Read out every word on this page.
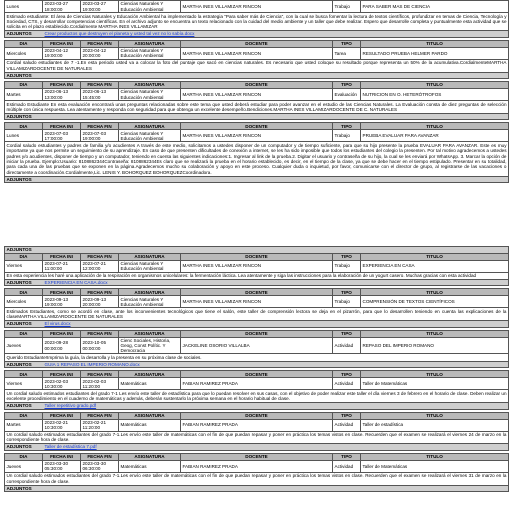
Lunes	2023-03-27 18:00:00	2023-03-27 19:00:00	Ciencias Naturales Y Educación Ambiental	MARTHA INES VILLAMIZAR RINCON	Trabajo	PARA SABER MAS DE CIENCIA
Estimado estudiante: El área de Ciencias Naturales y Educación Ambiental ha implementado la estrategia "Para saber más de Ciencia", con la cual se busca fomentar la lectura de textos científicos, profundizar en temas de Ciencia, Tecnología y Sociedad, CTS, y desarrollar competencias científicas. En el archivo adjunto se encuentra un texto relacionado con la cuidad del medio ambiente y un taller que debe realizar. Espero que desarrolle completa y puntualmente esta actividad que se solicita en el plazo establecido.Cordialmente MARTHA INES VILLAMIZAR
ADJUNTOS	Crear productos que destruyen el planeta y usted tal vez no lo sabía.docx
DIA	FECHA INI	FECHA FIN	ASIGNATURA	DOCENTE	TIPO	TITULO
Miercoles	2023-04-12 19:00:00	2023-04-12 20:00:00	Ciencias Naturales Y Educación Ambiental	MARTHA INES VILLAMIZAR RINCON	Tarea	RESULTADO PRUEBA HELMER PARDO
Cordial saludo estudiantes de 7 -1.En esta periodo usted va a colocar la foto del puntaje que sacó en ciencias naturales. Es necesario que usted coloque su resultado porque representa un 50% de la acumulativa.CordialmenteMARTHA VILLAMIZARDOCENTE DE NATURALES						
ADJUNTOS						
DIA	FECHA INI	FECHA FIN	ASIGNATURA	DOCENTE	TIPO	TITULO
Martes	2023-06-13 13:00:00	2023-06-13 15:45:00	Ciencias Naturales Y Educación Ambiental	MARTHA INES VILLAMIZAR RINCON	Evaluación	NUTRICION EN O. HETERÓTROFOS
Estimado Estudiante En esta evaluación encontrará unas preguntas relacionadas sobre este tema que usted deberá estudiar para poder avanzar en el estudio de las Ciencias Naturales. La Evaluación consta de diez preguntas de selección múltiple con única respuesta. Lea atentamente y responda con seguridad para que obtenga un excelente desempeño.Bendiciones.MARTHA INES VILLAMIZARDOCENTE DE C. NATURALES						
ADJUNTOS						
DIA	FECHA INI	FECHA FIN	ASIGNATURA	DOCENTE	TIPO	TITULO
Lunes	2023-07-03 17:00:00	2023-07-03 19:00:00	Ciencias Naturales Y Educación Ambiental	MARTHA INES VILLAMIZAR RINCON	Trabajo	PRUEBA EVALUAR PARA AVANZAR
Cordial saludo estudiantes y padres de familia y/o acudientes A través de este medio, solicitamos a ustedes disponer de un computador y de tiempo suficiente, para que su hijo presente la prueba EVALUAR PARA AVANZAR. Este es muy importante ya que nos permite un seguimiento de su aprendizaje. En caso de que presenten dificultades de conexión a internet, se les ha sido imposible que todos los estudiantes del colegio la presenten. Por tal motivo agradecemos a ustedes padres y/o acudientes, disponer de tiempo y un computador, teniendo en cuenta las siguientes indicaciones:1. Ingresar al link de la prueba.2. Digitar el usuario y contraseña de su hijo, la cual se les enviará por WhatsApp. 3. Marcar la opción de iniciar la prueba. Ejemplo:Usuario: 8108862344Contraseña: 8108862344Es claro que se realizará la prueba en el horario establecido, es decir, en el tiempo de la clase, ya que se debe hacer en el tiempo estipulado. Presentar en su totalidad, para cada una de las pruebas que se exponen en la página.Agradecemos mucho su colaboración y apoyo en este proceso. Cualquier duda o inquietud, por favor, comunicarse con el director de grupo, al registrarse de las vacaciones o directamente a coordinación.Cordialmente,Lic. LENIS Y. BOHORQUEZ BOHORQUEZCoordinadora.						
ADJUNTOS						
ADJUNTOS						
DIA	FECHA INI	FECHA FIN	ASIGNATURA	DOCENTE	TIPO	TITULO
Viernes	2023-07-21 11:00:00	2023-07-21 12:00:00	Ciencias Naturales Y Educación Ambiental	MARTHA INES VILLAMIZAR RINCON	Trabajo	EXPERIENCIA EN CASA
En esta experiencia les haré una aplicación de la respiración en organismos unicelulares: la fermentación láctica. Lea atentamente y siga las instrucciones para la elaboración de un yogurt casero. Muchas gracias con esta actividad						
ADJUNTOS EXPERIENCIA EN CASA.docx						
DIA	FECHA INI	FECHA FIN	ASIGNATURA	DOCENTE	TIPO	TITULO
Miercoles	2023-09-13 19:00:00	2023-09-13 20:00:00	Ciencias Naturales Y Educación Ambiental	MARTHA INES VILLAMIZAR RINCON	Trabajo	COMPRENSIÓN DE TEXTOS CIENTÍFICOS
Estimados Estudiantes, como se acordó en clase, ante los inconvenientes tecnológicos que tiene el salón, este taller de comprensión lectora se deja en el pizarrón, para que lo desarrollen teniendo en cuenta las explicaciones de la claseMARTHA VILLAMIZARDOCENTE DE NATURALES						
ADJUNTOS El virus.docx						
DIA	FECHA INI	FECHA FIN	ASIGNATURA	DOCENTE	TIPO	TITULO
Jueves	2023-09-28 00:00:00	2023-10-05 00:00:00	Cienc Sociales, Historia, Geog, Const Polític. Y Democracia	JACKELINE OSORIO VILLALBA	Actividad	REPASO DEL IMPERIO ROMANO
Querido Estudiante!Imprima la guía, la desarrolla y la presenta en su próxima clase de sociales.						
ADJUNTOS GUIA 1 REPASO EL IMPERIO ROMANO.docx						
DIA	FECHA INI	FECHA FIN	ASIGNATURA	DOCENTE	TIPO	TITULO
Viernes	2023-02-03 10:30:00	2023-02-03 11:20:00	Matemáticas	FABIAN RAMIREZ PRADA	Actividad	Taller de Matemáticas
Un cordial saludo estimados estudiantes del grado 7-1 Les envío este taller de estadística para que lo puedan resolver en sus casas, con el objetivo de poder realizar este taller el día viernes 3 de febrero en el horario de clase. Deben realizar un excelente procedimiento en el cuaderno de matemáticas y además, deberán sustentarlo la próxima semana en el horario habitual de clase.						
ADJUNTOS Taller repetitivo grado.pdf						
DIA	FECHA INI	FECHA FIN	ASIGNATURA	DOCENTE	TIPO	TITULO
Martes	2023-02-21 10:30:00	2023-02-21 11:20:00	Matemáticas	FABIAN RAMIREZ PRADA	Actividad	Taller de estadística
Un cordial saludo estimados estudiantes del grado 7-1.Les envío este taller de matemáticas con el fin de que puedan repasar y poner en práctica los temas vistos en clase. Recuerden que el examen se realizará el viernes 24 de marzo en la correspondiente hora de clase.						
ADJUNTOS Taller de estadística 7.pdf						
DIA	FECHA INI	FECHA FIN	ASIGNATURA	DOCENTE	TIPO	TITULO
Jueves	2023-03-30 05:30:00	2023-03-30 06:30:00	Matemáticas	FABIAN RAMIREZ PRADA	Actividad	Taller de Matemáticas
Un cordial saludo estimados estudiantes del grado 7-1.Les envío este taller de matemáticas con el fin de que puedan repasar y poner en práctica los temas vistos en clase. Recuerden que el examen se realizará el viernes 31 de marzo en la correspondiente hora de clase.						
ADJUNTOS						
